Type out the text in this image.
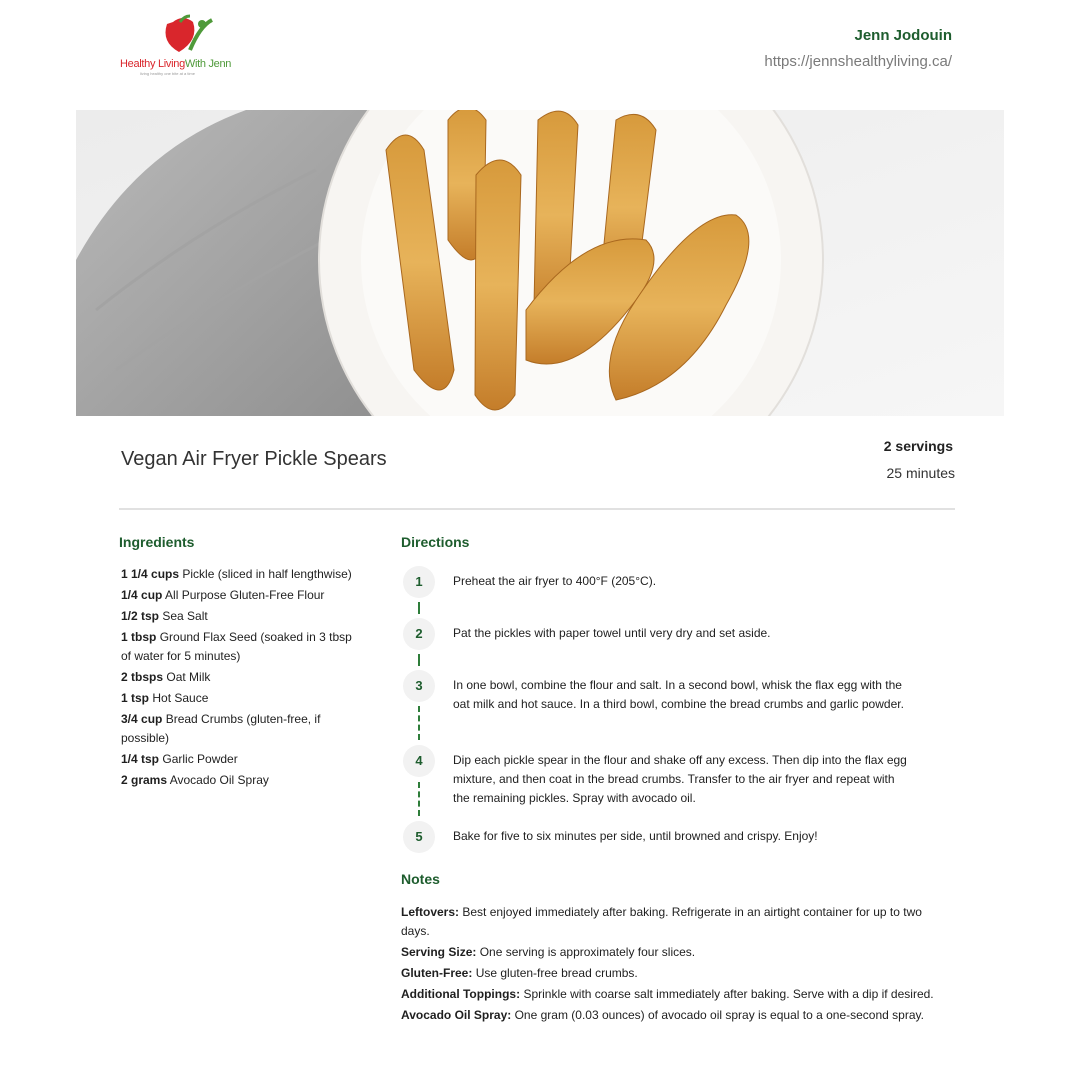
Healthy LivingWith Jenn
living healthy one bite at a time
Jenn Jodouin
https://jennshealthyliving.ca/
Vegan Air Fryer Pickle Spears
2 servings
25 minutes
Ingredients
1 1/4 cups Pickle (sliced in half lengthwise)
1/4 cup All Purpose Gluten-Free Flour
1/2 tsp Sea Salt
1 tbsp Ground Flax Seed (soaked in 3 tbsp of water for 5 minutes)
2 tbsps Oat Milk
1 tsp Hot Sauce
3/4 cup Bread Crumbs (gluten-free, if possible)
1/4 tsp Garlic Powder
2 grams Avocado Oil Spray
Directions
1	Preheat the air fryer to 400°F (205°C).
2	Pat the pickles with paper towel until very dry and set aside.
3	In one bowl, combine the flour and salt. In a second bowl, whisk the flax egg with the oat milk and hot sauce. In a third bowl, combine the bread crumbs and garlic powder.
4	Dip each pickle spear in the flour and shake off any excess. Then dip into the flax egg mixture, and then coat in the bread crumbs. Transfer to the air fryer and repeat with the remaining pickles. Spray with avocado oil.
5	Bake for five to six minutes per side, until browned and crispy. Enjoy!
Notes
Leftovers: Best enjoyed immediately after baking. Refrigerate in an airtight container for up to two days.
Serving Size: One serving is approximately four slices.
Gluten-Free: Use gluten-free bread crumbs.
Additional Toppings: Sprinkle with coarse salt immediately after baking. Serve with a dip if desired.
Avocado Oil Spray: One gram (0.03 ounces) of avocado oil spray is equal to a one-second spray.
